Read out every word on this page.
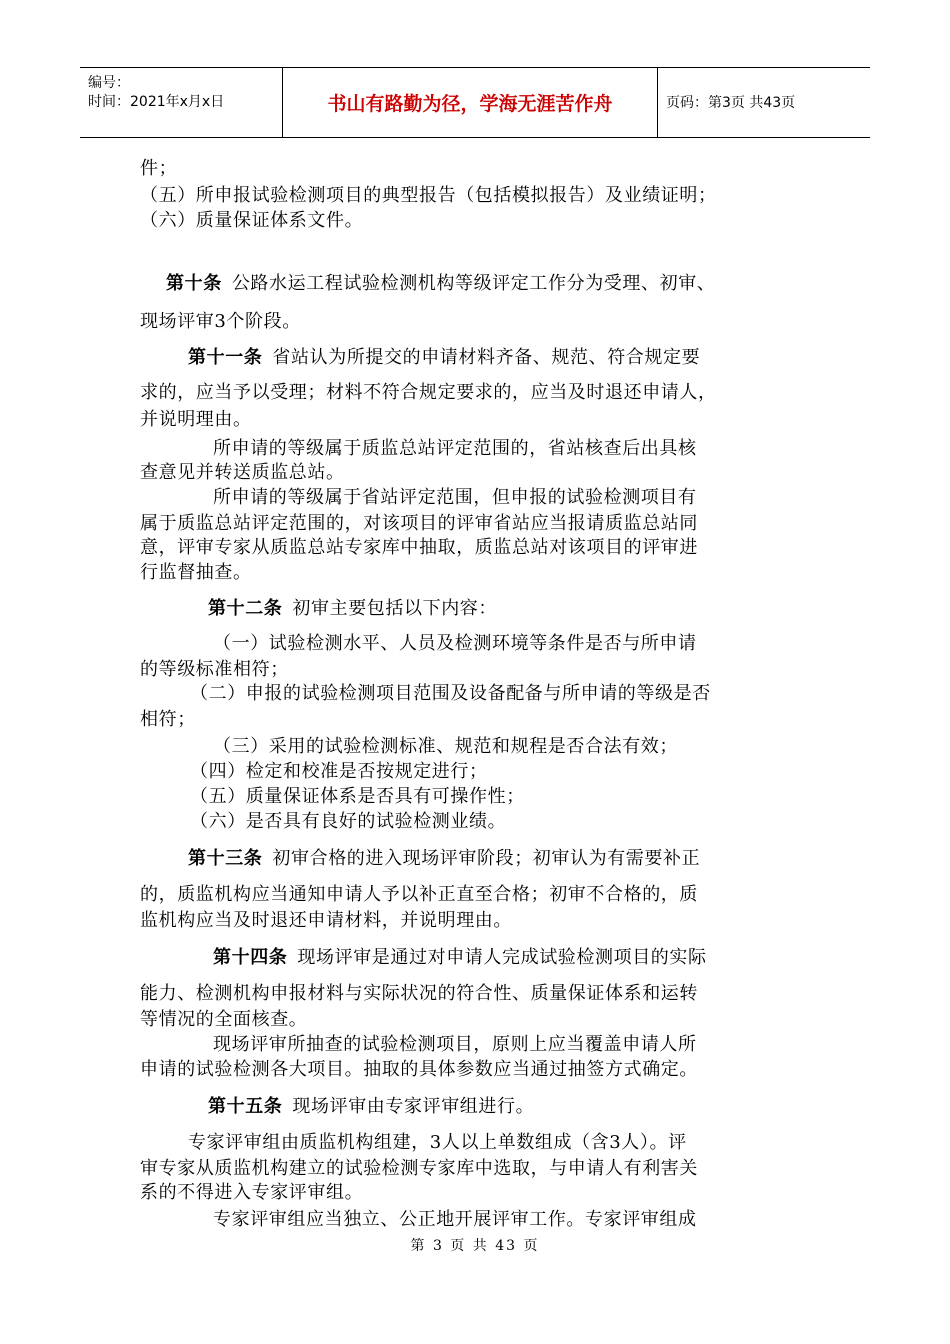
编号：
时间：2021年x月x日	书山有路勤为径，学海无涯苦作舟	页码：第3页 共43页
件；
（五）所申报试验检测项目的典型报告（包括模拟报告）及业绩证明；
（六）质量保证体系文件。
第十条 公路水运工程试验检测机构等级评定工作分为受理、初审、
现场评审3个阶段。
第十一条 省站认为所提交的申请材料齐备、规范、符合规定要
求的，应当予以受理；材料不符合规定要求的，应当及时退还申请人，
并说明理由。
所申请的等级属于质监总站评定范围的，省站核查后出具核
查意见并转送质监总站。
所申请的等级属于省站评定范围，但申报的试验检测项目有
属于质监总站评定范围的，对该项目的评审省站应当报请质监总站同
意，评审专家从质监总站专家库中抽取，质监总站对该项目的评审进
行监督抽查。
第十二条 初审主要包括以下内容：
（一）试验检测水平、人员及检测环境等条件是否与所申请
的等级标准相符；
（二）申报的试验检测项目范围及设备配备与所申请的等级是否
相符；
（三）采用的试验检测标准、规范和规程是否合法有效；
（四）检定和校准是否按规定进行；
（五）质量保证体系是否具有可操作性；
（六）是否具有良好的试验检测业绩。
第十三条 初审合格的进入现场评审阶段；初审认为有需要补正
的，质监机构应当通知申请人予以补正直至合格；初审不合格的，质
监机构应当及时退还申请材料，并说明理由。
第十四条 现场评审是通过对申请人完成试验检测项目的实际
能力、检测机构申报材料与实际状况的符合性、质量保证体系和运转
等情况的全面核查。
现场评审所抽查的试验检测项目，原则上应当覆盖申请人所
申请的试验检测各大项目。抽取的具体参数应当通过抽签方式确定。
第十五条 现场评审由专家评审组进行。
专家评审组由质监机构组建，3人以上单数组成（含3人）。评
审专家从质监机构建立的试验检测专家库中选取，与申请人有利害关
系的不得进入专家评审组。
专家评审组应当独立、公正地开展评审工作。专家评审组成
第 3 页 共 43 页
